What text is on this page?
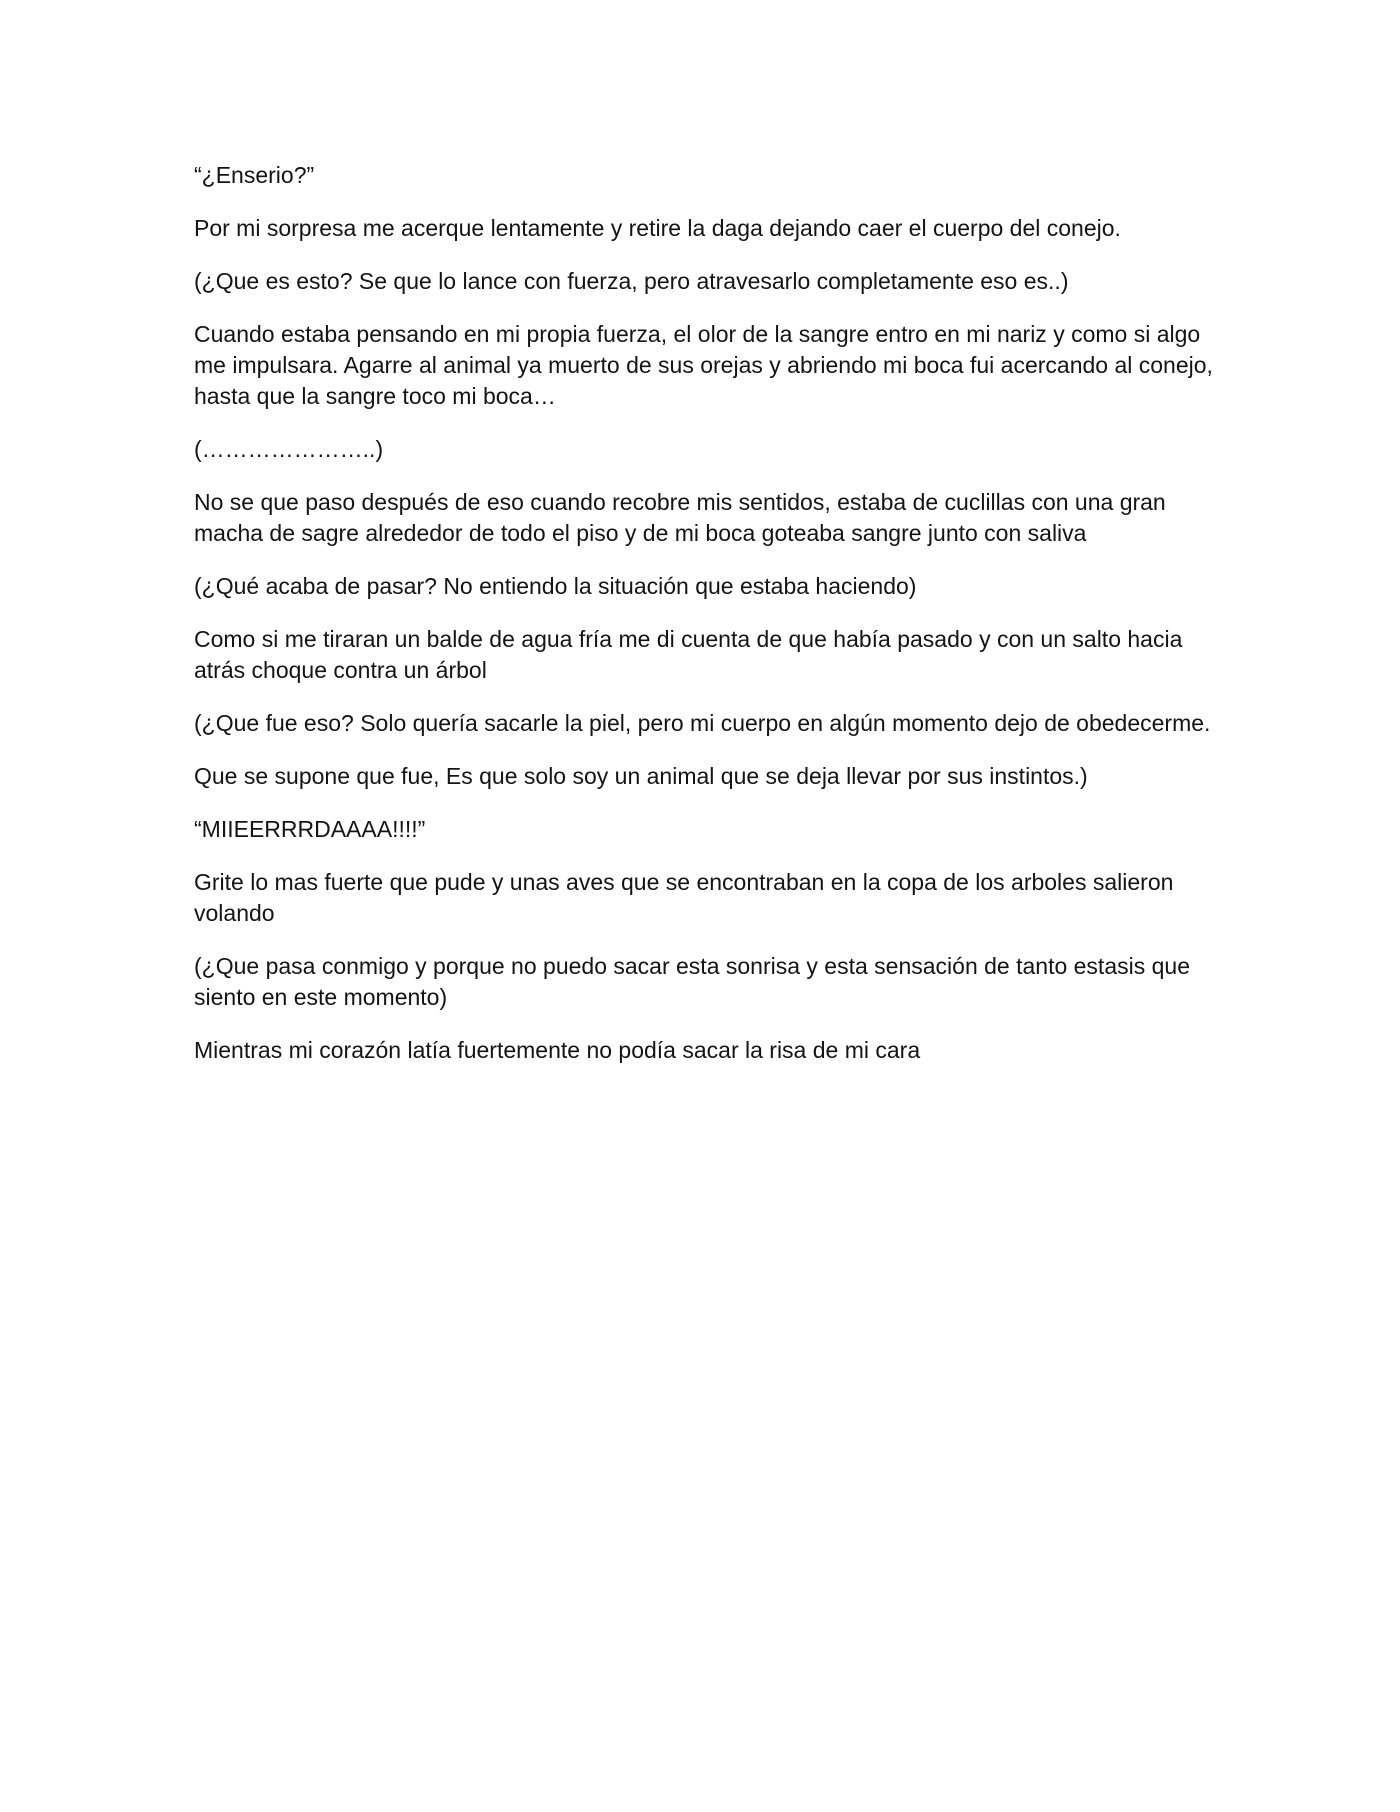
“¿Enserio?”

Por mi sorpresa me acerque lentamente y retire la daga dejando caer el cuerpo del conejo.

(¿Que es esto? Se que lo lance con fuerza, pero atravesarlo completamente eso es..)

Cuando estaba pensando en mi propia fuerza, el olor de la sangre entro en mi nariz y como si algo me impulsara. Agarre al animal ya muerto de sus orejas y abriendo mi boca fui acercando al conejo, hasta que la sangre toco mi boca…

(…………………..)

No se que paso después de eso cuando recobre mis sentidos, estaba de cuclillas con una gran macha de sagre alrededor de todo el piso y de mi boca goteaba sangre junto con saliva

(¿Qué acaba de pasar? No entiendo la situación que estaba haciendo)

Como si me tiraran un balde de agua fría me di cuenta de que había pasado y con un salto hacia atrás choque contra un árbol

(¿Que fue eso? Solo quería sacarle la piel, pero mi cuerpo en algún momento dejo de obedecerme.

Que se supone que fue, Es que solo soy un animal que se deja llevar por sus instintos.)

“MIIEERRRDAAAA!!!!”

Grite lo mas fuerte que pude y unas aves que se encontraban en la copa de los arboles salieron volando

(¿Que pasa conmigo y porque no puedo sacar esta sonrisa y esta sensación de tanto estasis que siento en este momento)

Mientras mi corazón latía fuertemente no podía sacar la risa de mi cara
